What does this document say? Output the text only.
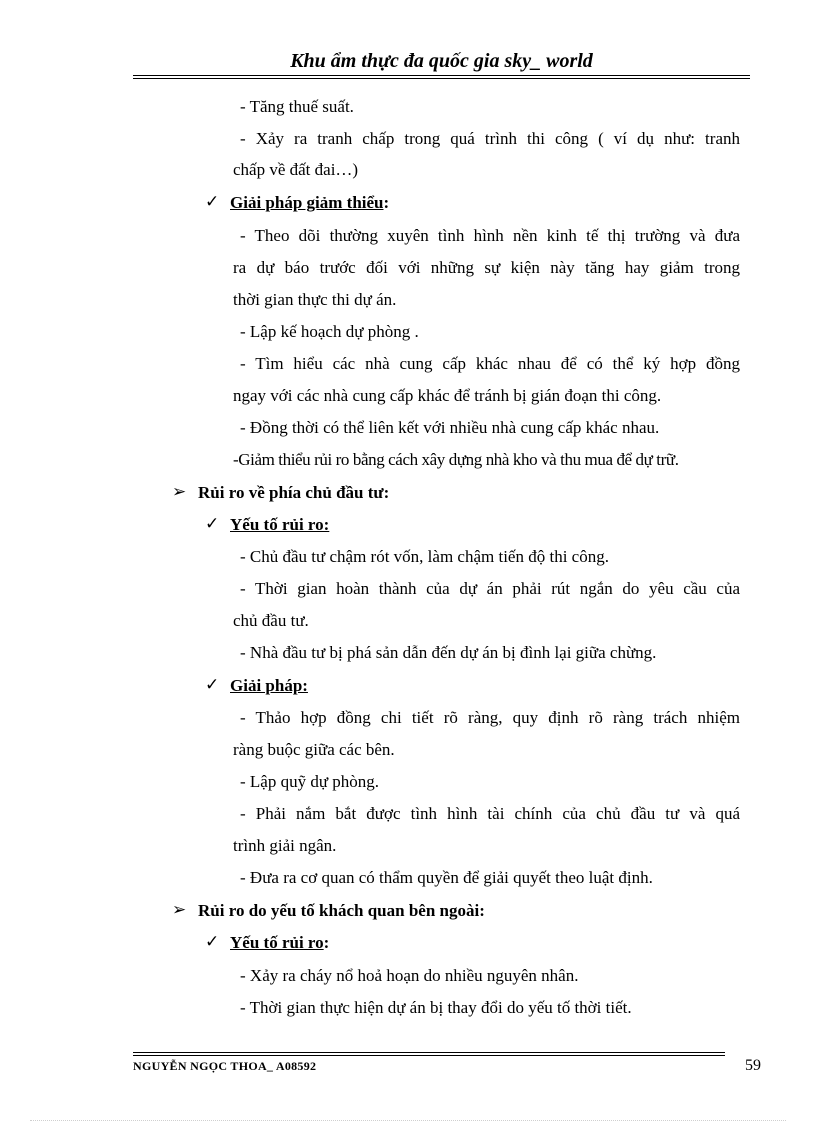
Khu ẩm thực đa quốc gia sky_ world
- Tăng thuế suất.
- Xảy ra tranh chấp trong quá trình thi công ( ví dụ như: tranh
chấp về đất đai…)
✓ Giải pháp giảm thiểu:
- Theo dõi thường xuyên tình hình nền kinh tế thị trường và đưa
ra dự báo trước đối với những sự kiện này tăng hay giảm trong
thời gian thực thi dự án.
- Lập kế hoạch dự phòng .
- Tìm hiểu các nhà cung cấp khác nhau để có thể ký hợp đồng
ngay với các nhà cung cấp khác để tránh bị gián đoạn thi công.
- Đồng thời có thể liên kết với nhiều nhà cung cấp khác nhau.
-Giảm thiểu rủi ro bằng cách xây dựng nhà kho và thu mua để dự trữ.
➢ Rủi ro về phía chủ đầu tư:
✓ Yếu tố rủi ro:
- Chủ đầu tư chậm rót vốn, làm chậm tiến độ thi công.
- Thời gian hoàn thành của dự án phải rút ngắn do yêu cầu của
chủ đầu tư.
- Nhà đầu tư bị phá sản dẫn đến dự án bị đình lại giữa chừng.
✓ Giải pháp:
- Thảo hợp đồng chi tiết rõ ràng, quy định rõ ràng trách nhiệm
ràng buộc giữa các bên.
- Lập quỹ dự phòng.
- Phải nắm bắt được tình hình tài chính của chủ đầu tư và quá
trình giải ngân.
- Đưa ra cơ quan có thẩm quyền để giải quyết theo luật định.
➢ Rủi ro do yếu tố khách quan bên ngoài:
✓ Yếu tố rủi ro:
- Xảy ra cháy nổ hoả hoạn do nhiều nguyên nhân.
- Thời gian thực hiện dự án bị thay đổi do yếu tố thời tiết.
NGUYỄN NGỌC THOA_ A08592	59
